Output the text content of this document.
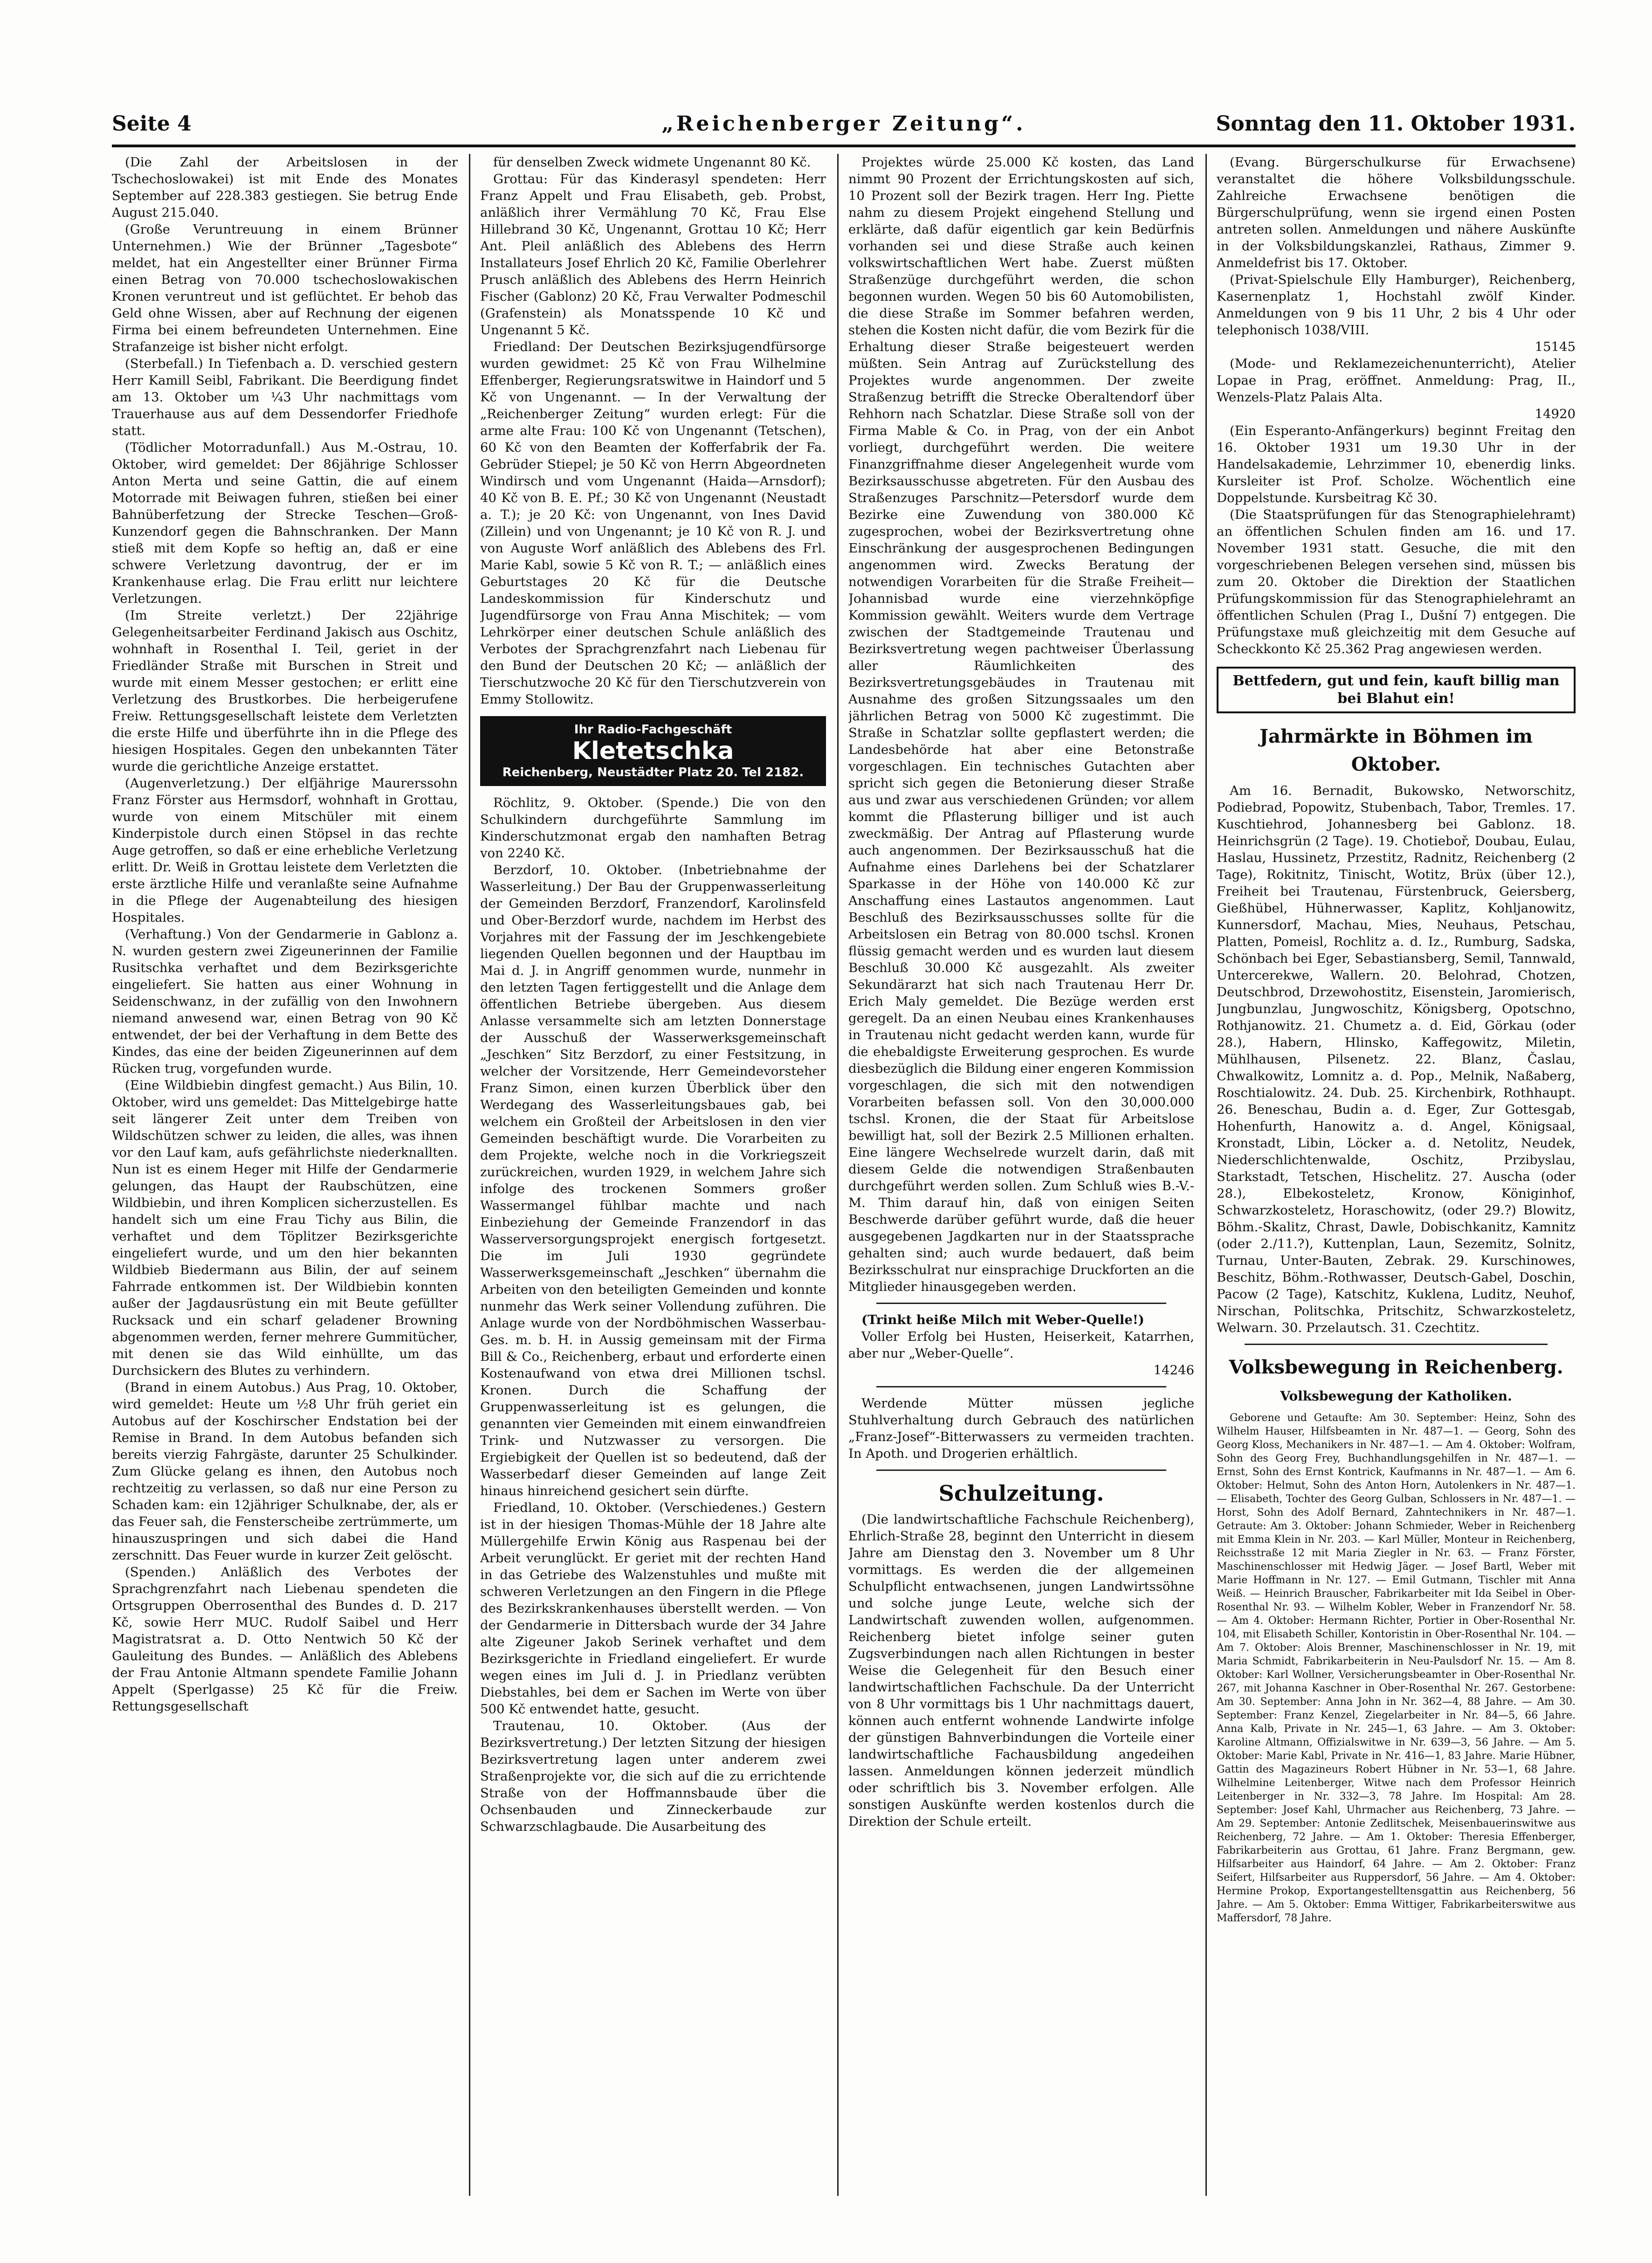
Seite 4	„Reichenberger Zeitung“.	Sonntag den 11. Oktober 1931.

(Die Zahl der Arbeitslosen in der Tschechoslowakei) ist mit Ende des Monates September auf 228.383 gestiegen. Sie betrug Ende August 215.040.

(Große Veruntreuung in einem Brünner Unternehmen.) Wie der Brünner „Tagesbote“ meldet, hat ein Angestellter einer Brünner Firma einen Betrag von 70.000 tschechoslowakischen Kronen veruntreut und ist geflüchtet. Er behob das Geld ohne Wissen, aber auf Rechnung der eigenen Firma bei einem befreundeten Unternehmen. Eine Strafanzeige ist bisher nicht erfolgt.

(Sterbefall.) In Tiefenbach a. D. verschied gestern Herr Kamill Seibl, Fabrikant. Die Beerdigung findet am 13. Oktober um ¼3 Uhr nachmittags vom Trauerhause aus auf dem Dessendorfer Friedhofe statt.

(Tödlicher Motorradunfall.) Aus M.-Ostrau, 10. Oktober, wird gemeldet: Der 86jährige Schlosser Anton Merta und seine Gattin, die auf einem Motorrade mit Beiwagen fuhren, stießen bei einer Bahnüberfetzung der Strecke Teschen—Groß-Kunzendorf gegen die Bahnschranken. Der Mann stieß mit dem Kopfe so heftig an, daß er eine schwere Verletzung davontrug, der er im Krankenhause erlag. Die Frau erlitt nur leichtere Verletzungen.

(Im Streite verletzt.) Der 22jährige Gelegenheitsarbeiter Ferdinand Jakisch aus Oschitz, wohnhaft in Rosenthal I. Teil, geriet in der Friedländer Straße mit Burschen in Streit und wurde mit einem Messer gestochen; er erlitt eine Verletzung des Brustkorbes. Die herbeigerufene Freiw. Rettungsgesellschaft leistete dem Verletzten die erste Hilfe und überführte ihn in die Pflege des hiesigen Hospitales. Gegen den unbekannten Täter wurde die gerichtliche Anzeige erstattet.

(Augenverletzung.) Der elfjährige Maurerssohn Franz Förster aus Hermsdorf, wohnhaft in Grottau, wurde von einem Mitschüler mit einem Kinderpistole durch einen Stöpsel in das rechte Auge getroffen, so daß er eine erhebliche Verletzung erlitt. Dr. Weiß in Grottau leistete dem Verletzten die erste ärztliche Hilfe und veranlaßte seine Aufnahme in die Pflege der Augenabteilung des hiesigen Hospitales.

(Verhaftung.) Von der Gendarmerie in Gablonz a. N. wurden gestern zwei Zigeunerinnen der Familie Rusitschka verhaftet und dem Bezirksgerichte eingeliefert. Sie hatten aus einer Wohnung in Seidenschwanz, in der zufällig von den Inwohnern niemand anwesend war, einen Betrag von 90 Kč entwendet, der bei der Verhaftung in dem Bette des Kindes, das eine der beiden Zigeunerinnen auf dem Rücken trug, vorgefunden wurde.

(Eine Wildbiebin dingfest gemacht.) Aus Bilin, 10. Oktober, wird uns gemeldet: Das Mittelgebirge hatte seit längerer Zeit unter dem Treiben von Wildschützen schwer zu leiden, die alles, was ihnen vor den Lauf kam, aufs gefährlichste niederknallten. Nun ist es einem Heger mit Hilfe der Gendarmerie gelungen, das Haupt der Raubschützen, eine Wildbiebin, und ihren Komplicen sicherzustellen. Es handelt sich um eine Frau Tichy aus Bilin, die verhaftet und dem Töplitzer Bezirksgerichte eingeliefert wurde, und um den hier bekannten Wildbieb Biedermann aus Bilin, der auf seinem Fahrrade entkommen ist. Der Wildbiebin konnten außer der Jagdausrüstung ein mit Beute gefüllter Rucksack und ein scharf geladener Browning abgenommen werden, ferner mehrere Gummitücher, mit denen sie das Wild einhüllte, um das Durchsickern des Blutes zu verhindern.

(Brand in einem Autobus.) Aus Prag, 10. Oktober, wird gemeldet: Heute um ½8 Uhr früh geriet ein Autobus auf der Koschirscher Endstation bei der Remise in Brand. In dem Autobus befanden sich bereits vierzig Fahrgäste, darunter 25 Schulkinder. Zum Glücke gelang es ihnen, den Autobus noch rechtzeitig zu verlassen, so daß nur eine Person zu Schaden kam: ein 12jähriger Schulknabe, der, als er das Feuer sah, die Fensterscheibe zertrümmerte, um hinauszuspringen und sich dabei die Hand zerschnitt. Das Feuer wurde in kurzer Zeit gelöscht.

(Spenden.) Anläßlich des Verbotes der Sprachgrenzfahrt nach Liebenau spendeten die Ortsgruppen Oberrosenthal des Bundes d. D. 217 Kč, sowie Herr MUC. Rudolf Saibel und Herr Magistratsrat a. D. Otto Nentwich 50 Kč der Gauleitung des Bundes. — Anläßlich des Ablebens der Frau Antonie Altmann spendete Familie Johann Appelt (Sperlgasse) 25 Kč für die Freiw. Rettungsgesellschaft

für denselben Zweck widmete Ungenannt 80 Kč.

Grottau: Für das Kinderasyl spendeten: Herr Franz Appelt und Frau Elisabeth, geb. Probst, anläßlich ihrer Vermählung 70 Kč, Frau Else Hillebrand 30 Kč, Ungenannt, Grottau 10 Kč; Herr Ant. Pleil anläßlich des Ablebens des Herrn Installateurs Josef Ehrlich 20 Kč, Familie Oberlehrer Prusch anläßlich des Ablebens des Herrn Heinrich Fischer (Gablonz) 20 Kč, Frau Verwalter Podmeschil (Grafenstein) als Monatsspende 10 Kč und Ungenannt 5 Kč.

Friedland: Der Deutschen Bezirksjugendfürsorge wurden gewidmet: 25 Kč von Frau Wilhelmine Effenberger, Regierungsratswitwe in Haindorf und 5 Kč von Ungenannt. — In der Verwaltung der „Reichenberger Zeitung“ wurden erlegt: Für die arme alte Frau: 100 Kč von Ungenannt (Tetschen), 60 Kč von den Beamten der Kofferfabrik der Fa. Gebrüder Stiepel; je 50 Kč von Herrn Abgeordneten Windirsch und vom Ungenannt (Haida—Arnsdorf); 40 Kč von B. E. Pf.; 30 Kč von Ungenannt (Neustadt a. T.); je 20 Kč: von Ungenannt, von Ines David (Zillein) und von Ungenannt; je 10 Kč von R. J. und von Auguste Worf anläßlich des Ablebens des Frl. Marie Kabl, sowie 5 Kč von R. T.; — anläßlich eines Geburtstages 20 Kč für die Deutsche Landeskommission für Kinderschutz und Jugendfürsorge von Frau Anna Mischitek; — vom Lehrkörper einer deutschen Schule anläßlich des Verbotes der Sprachgrenzfahrt nach Liebenau für den Bund der Deutschen 20 Kč; — anläßlich der Tierschutzwoche 20 Kč für den Tierschutzverein von Emmy Stollowitz.

Ihr Radio-Fachgeschäft
Kletetschka
Reichenberg, Neustädter Platz 20. Tel 2182.

Röchlitz, 9. Oktober. (Spende.) Die von den Schulkindern durchgeführte Sammlung im Kinderschutzmonat ergab den namhaften Betrag von 2240 Kč.

Berzdorf, 10. Oktober. (Inbetriebnahme der Wasserleitung.) Der Bau der Gruppenwasserleitung der Gemeinden Berzdorf, Franzendorf, Karolinsfeld und Ober-Berzdorf wurde, nachdem im Herbst des Vorjahres mit der Fassung der im Jeschkengebiete liegenden Quellen begonnen und der Hauptbau im Mai d. J. in Angriff genommen wurde, nunmehr in den letzten Tagen fertiggestellt und die Anlage dem öffentlichen Betriebe übergeben. Aus diesem Anlasse versammelte sich am letzten Donnerstage der Ausschuß der Wasserwerksgemeinschaft „Jeschken“ Sitz Berzdorf, zu einer Festsitzung, in welcher der Vorsitzende, Herr Gemeindevorsteher Franz Simon, einen kurzen Überblick über den Werdegang des Wasserleitungsbaues gab, bei welchem ein Großteil der Arbeitslosen in den vier Gemeinden beschäftigt wurde. Die Vorarbeiten zu dem Projekte, welche noch in die Vorkriegszeit zurückreichen, wurden 1929, in welchem Jahre sich infolge des trockenen Sommers großer Wassermangel fühlbar machte und nach Einbeziehung der Gemeinde Franzendorf in das Wasserversorgungsprojekt energisch fortgesetzt. Die im Juli 1930 gegründete Wasserwerksgemeinschaft „Jeschken“ übernahm die Arbeiten von den beteiligten Gemeinden und konnte nunmehr das Werk seiner Vollendung zuführen. Die Anlage wurde von der Nordböhmischen Wasserbau-Ges. m. b. H. in Aussig gemeinsam mit der Firma Bill & Co., Reichenberg, erbaut und erforderte einen Kostenaufwand von etwa drei Millionen tschsl. Kronen. Durch die Schaffung der Gruppenwasserleitung ist es gelungen, die genannten vier Gemeinden mit einem einwandfreien Trink- und Nutzwasser zu versorgen. Die Ergiebigkeit der Quellen ist so bedeutend, daß der Wasserbedarf dieser Gemeinden auf lange Zeit hinaus hinreichend gesichert sein dürfte.

Friedland, 10. Oktober. (Verschiedenes.) Gestern ist in der hiesigen Thomas-Mühle der 18 Jahre alte Müllergehilfe Erwin König aus Raspenau bei der Arbeit verunglückt. Er geriet mit der rechten Hand in das Getriebe des Walzenstuhles und mußte mit schweren Verletzungen an den Fingern in die Pflege des Bezirkskrankenhauses überstellt werden. — Von der Gendarmerie in Dittersbach wurde der 34 Jahre alte Zigeuner Jakob Serinek verhaftet und dem Bezirksgerichte in Friedland eingeliefert. Er wurde wegen eines im Juli d. J. in Priedlanz verübten Diebstahles, bei dem er Sachen im Werte von über 500 Kč entwendet hatte, gesucht.

Trautenau, 10. Oktober. (Aus der Bezirksvertretung.) Der letzten Sitzung der hiesigen Bezirksvertretung lagen unter anderem zwei Straßenprojekte vor, die sich auf die zu errichtende Straße von der Hoffmannsbaude über die Ochsenbauden und Zinneckerbaude zur Schwarzschlagbaude. Die Ausarbeitung des

Projektes würde 25.000 Kč kosten, das Land nimmt 90 Prozent der Errichtungskosten auf sich, 10 Prozent soll der Bezirk tragen. Herr Ing. Piette nahm zu diesem Projekt eingehend Stellung und erklärte, daß dafür eigentlich gar kein Bedürfnis vorhanden sei und diese Straße auch keinen volkswirtschaftlichen Wert habe. Zuerst müßten Straßenzüge durchgeführt werden, die schon begonnen wurden. Wegen 50 bis 60 Automobilisten, die diese Straße im Sommer befahren werden, stehen die Kosten nicht dafür, die vom Bezirk für die Erhaltung dieser Straße beigesteuert werden müßten. Sein Antrag auf Zurückstellung des Projektes wurde angenommen. Der zweite Straßenzug betrifft die Strecke Oberaltendorf über Rehhorn nach Schatzlar. Diese Straße soll von der Firma Mable & Co. in Prag, von der ein Anbot vorliegt, durchgeführt werden. Die weitere Finanzgriffnahme dieser Angelegenheit wurde vom Bezirksausschusse abgetreten. Für den Ausbau des Straßenzuges Parschnitz—Petersdorf wurde dem Bezirke eine Zuwendung von 380.000 Kč zugesprochen, wobei der Bezirksvertretung ohne Einschränkung der ausgesprochenen Bedingungen angenommen wird. Zwecks Beratung der notwendigen Vorarbeiten für die Straße Freiheit—Johannisbad wurde eine vierzehnköpfige Kommission gewählt. Weiters wurde dem Vertrage zwischen der Stadtgemeinde Trautenau und Bezirksvertretung wegen pachtweiser Überlassung aller Räumlichkeiten des Bezirksvertretungsgebäudes in Trautenau mit Ausnahme des großen Sitzungssaales um den jährlichen Betrag von 5000 Kč zugestimmt. Die Straße in Schatzlar sollte gepflastert werden; die Landesbehörde hat aber eine Betonstraße vorgeschlagen. Ein technisches Gutachten aber spricht sich gegen die Betonierung dieser Straße aus und zwar aus verschiedenen Gründen; vor allem kommt die Pflasterung billiger und ist auch zweckmäßig. Der Antrag auf Pflasterung wurde auch angenommen. Der Bezirksausschuß hat die Aufnahme eines Darlehens bei der Schatzlarer Sparkasse in der Höhe von 140.000 Kč zur Anschaffung eines Lastautos angenommen. Laut Beschluß des Bezirksausschusses sollte für die Arbeitslosen ein Betrag von 80.000 tschsl. Kronen flüssig gemacht werden und es wurden laut diesem Beschluß 30.000 Kč ausgezahlt. Als zweiter Sekundärarzt hat sich nach Trautenau Herr Dr. Erich Maly gemeldet. Die Bezüge werden erst geregelt. Da an einen Neubau eines Krankenhauses in Trautenau nicht gedacht werden kann, wurde für die ehebaldigste Erweiterung gesprochen. Es wurde diesbezüglich die Bildung einer engeren Kommission vorgeschlagen, die sich mit den notwendigen Vorarbeiten befassen soll. Von den 30,000.000 tschsl. Kronen, die der Staat für Arbeitslose bewilligt hat, soll der Bezirk 2.5 Millionen erhalten. Eine längere Wechselrede wurzelt darin, daß mit diesem Gelde die notwendigen Straßenbauten durchgeführt werden sollen. Zum Schluß wies B.-V.-M. Thim darauf hin, daß von einigen Seiten Beschwerde darüber geführt wurde, daß die heuer ausgegebenen Jagdkarten nur in der Staatssprache gehalten sind; auch wurde bedauert, daß beim Bezirksschulrat nur einsprachige Druckforten an die Mitglieder hinausgegeben werden.

(Trinkt heiße Milch mit Weber-Quelle!)

Voller Erfolg bei Husten, Heiserkeit, Katarrhen, aber nur „Weber-Quelle“.

14246

Werdende Mütter müssen jegliche Stuhlverhaltung durch Gebrauch des natürlichen „Franz-Josef“-Bitterwassers zu vermeiden trachten. In Apoth. und Drogerien erhältlich.

Schulzeitung.

(Die landwirtschaftliche Fachschule Reichenberg), Ehrlich-Straße 28, beginnt den Unterricht in diesem Jahre am Dienstag den 3. November um 8 Uhr vormittags. Es werden die der allgemeinen Schulpflicht entwachsenen, jungen Landwirtssöhne und solche junge Leute, welche sich der Landwirtschaft zuwenden wollen, aufgenommen. Reichenberg bietet infolge seiner guten Zugsverbindungen nach allen Richtungen in bester Weise die Gelegenheit für den Besuch einer landwirtschaftlichen Fachschule. Da der Unterricht von 8 Uhr vormittags bis 1 Uhr nachmittags dauert, können auch entfernt wohnende Landwirte infolge der günstigen Bahnverbindungen die Vorteile einer landwirtschaftliche Fachausbildung angedeihen lassen. Anmeldungen können jederzeit mündlich oder schriftlich bis 3. November erfolgen. Alle sonstigen Auskünfte werden kostenlos durch die Direktion der Schule erteilt.

(Evang. Bürgerschulkurse für Erwachsene) veranstaltet die höhere Volksbildungsschule. Zahlreiche Erwachsene benötigen die Bürgerschulprüfung, wenn sie irgend einen Posten antreten sollen. Anmeldungen und nähere Auskünfte in der Volksbildungskanzlei, Rathaus, Zimmer 9. Anmeldefrist bis 17. Oktober.

(Privat-Spielschule Elly Hamburger), Reichenberg, Kasernenplatz 1, Hochstahl zwölf Kinder. Anmeldungen von 9 bis 11 Uhr, 2 bis 4 Uhr oder telephonisch 1038/VIII.

15145

(Mode- und Reklamezeichenunterricht), Atelier Lopae in Prag, eröffnet. Anmeldung: Prag, II., Wenzels-Platz Palais Alta.

14920

(Ein Esperanto-Anfängerkurs) beginnt Freitag den 16. Oktober 1931 um 19.30 Uhr in der Handelsakademie, Lehrzimmer 10, ebenerdig links. Kursleiter ist Prof. Scholze. Wöchentlich eine Doppelstunde. Kursbeitrag Kč 30.

(Die Staatsprüfungen für das Stenographielehramt) an öffentlichen Schulen finden am 16. und 17. November 1931 statt. Gesuche, die mit den vorgeschriebenen Belegen versehen sind, müssen bis zum 20. Oktober die Direktion der Staatlichen Prüfungskommission für das Stenographielehramt an öffentlichen Schulen (Prag I., Dušní 7) entgegen. Die Prüfungstaxe muß gleichzeitig mit dem Gesuche auf Scheckkonto Kč 25.362 Prag angewiesen werden.

Bettfedern, gut und fein, kauft billig man bei Blahut ein!
Jahrmärkte in Böhmen im Oktober.

Am 16. Bernadit, Bukowsko, Networschitz, Podiebrad, Popowitz, Stubenbach, Tabor, Tremles. 17. Kuschtiehrod, Johannesberg bei Gablonz. 18. Heinrichsgrün (2 Tage). 19. Chotieboř, Doubau, Eulau, Haslau, Hussinetz, Przestitz, Radnitz, Reichenberg (2 Tage), Rokitnitz, Tinischt, Wotitz, Brüx (über 12.), Freiheit bei Trautenau, Fürstenbruck, Geiersberg, Gießhübel, Hühnerwasser, Kaplitz, Kohljanowitz, Kunnersdorf, Machau, Mies, Neuhaus, Petschau, Platten, Pomeisl, Rochlitz a. d. Iz., Rumburg, Sadska, Schönbach bei Eger, Sebastiansberg, Semil, Tannwald, Untercerekwe, Wallern. 20. Belohrad, Chotzen, Deutschbrod, Drzewohostitz, Eisenstein, Jaromierisch, Jungbunzlau, Jungwoschitz, Königsberg, Opotschno, Rothjanowitz. 21. Chumetz a. d. Eid, Görkau (oder 28.), Habern, Hlinsko, Kaffegowitz, Miletin, Mühlhausen, Pilsenetz. 22. Blanz, Časlau, Chwalkowitz, Lomnitz a. d. Pop., Melnik, Naßaberg, Roschtialowitz. 24. Dub. 25. Kirchenbirk, Rothhaupt. 26. Beneschau, Budin a. d. Eger, Zur Gottesgab, Hohenfurth, Hanowitz a. d. Angel, Königsaal, Kronstadt, Libin, Löcker a. d. Netolitz, Neudek, Niederschlichtenwalde, Oschitz, Przibyslau, Starkstadt, Tetschen, Hischelitz. 27. Auscha (oder 28.), Elbekosteletz, Kronow, Königinhof, Schwarzkosteletz, Horaschowitz, (oder 29.?) Blowitz, Böhm.-Skalitz, Chrast, Dawle, Dobischkanitz, Kamnitz (oder 2./11.?), Kuttenplan, Laun, Sezemitz, Solnitz, Turnau, Unter-Bauten, Zebrak. 29. Kurschinowes, Beschitz, Böhm.-Rothwasser, Deutsch-Gabel, Doschin, Pacow (2 Tage), Katschitz, Kuklena, Luditz, Neuhof, Nirschan, Politschka, Pritschitz, Schwarzkosteletz, Welwarn. 30. Przelautsch. 31. Czechtitz.

Volksbewegung in Reichenberg.
Volksbewegung der Katholiken.

Geborene und Getaufte: Am 30. September: Heinz, Sohn des Wilhelm Hauser, Hilfsbeamten in Nr. 487—1. — Georg, Sohn des Georg Kloss, Mechanikers in Nr. 487—1. — Am 4. Oktober: Wolfram, Sohn des Georg Frey, Buchhandlungsgehilfen in Nr. 487—1. — Ernst, Sohn des Ernst Kontrick, Kaufmanns in Nr. 487—1. — Am 6. Oktober: Helmut, Sohn des Anton Horn, Autolenkers in Nr. 487—1. — Elisabeth, Tochter des Georg Gulban, Schlossers in Nr. 487—1. — Horst, Sohn des Adolf Bernard, Zahntechnikers in Nr. 487—1. Getraute: Am 3. Oktober: Johann Schmieder, Weber in Reichenberg mit Emma Klein in Nr. 203. — Karl Müller, Monteur in Reichenberg, Reichsstraße 12 mit Maria Ziegler in Nr. 63. — Franz Förster, Maschinenschlosser mit Hedwig Jäger. — Josef Bartl, Weber mit Marie Hoffmann in Nr. 127. — Emil Gutmann, Tischler mit Anna Weiß. — Heinrich Brauscher, Fabrikarbeiter mit Ida Seibel in Ober-Rosenthal Nr. 93. — Wilhelm Kobler, Weber in Franzendorf Nr. 58. — Am 4. Oktober: Hermann Richter, Portier in Ober-Rosenthal Nr. 104, mit Elisabeth Schiller, Kontoristin in Ober-Rosenthal Nr. 104. — Am 7. Oktober: Alois Brenner, Maschinenschlosser in Nr. 19, mit Maria Schmidt, Fabrikarbeiterin in Neu-Paulsdorf Nr. 15. — Am 8. Oktober: Karl Wollner, Versicherungsbeamter in Ober-Rosenthal Nr. 267, mit Johanna Kaschner in Ober-Rosenthal Nr. 267. Gestorbene: Am 30. September: Anna John in Nr. 362—4, 88 Jahre. — Am 30. September: Franz Kenzel, Ziegelarbeiter in Nr. 84—5, 66 Jahre. Anna Kalb, Private in Nr. 245—1, 63 Jahre. — Am 3. Oktober: Karoline Altmann, Offizialswitwe in Nr. 639—3, 56 Jahre. — Am 5. Oktober: Marie Kabl, Private in Nr. 416—1, 83 Jahre. Marie Hübner, Gattin des Magazineurs Robert Hübner in Nr. 53—1, 68 Jahre. Wilhelmine Leitenberger, Witwe nach dem Professor Heinrich Leitenberger in Nr. 332—3, 78 Jahre. Im Hospital: Am 28. September: Josef Kahl, Uhrmacher aus Reichenberg, 73 Jahre. — Am 29. September: Antonie Zedlitschek, Meisenbauerinswitwe aus Reichenberg, 72 Jahre. — Am 1. Oktober: Theresia Effenberger, Fabrikarbeiterin aus Grottau, 61 Jahre. Franz Bergmann, gew. Hilfsarbeiter aus Haindorf, 64 Jahre. — Am 2. Oktober: Franz Seifert, Hilfsarbeiter aus Ruppersdorf, 56 Jahre. — Am 4. Oktober: Hermine Prokop, Exportangestelltensgattin aus Reichenberg, 56 Jahre. — Am 5. Oktober: Emma Wittiger, Fabrikarbeiterswitwe aus Maffersdorf, 78 Jahre.
